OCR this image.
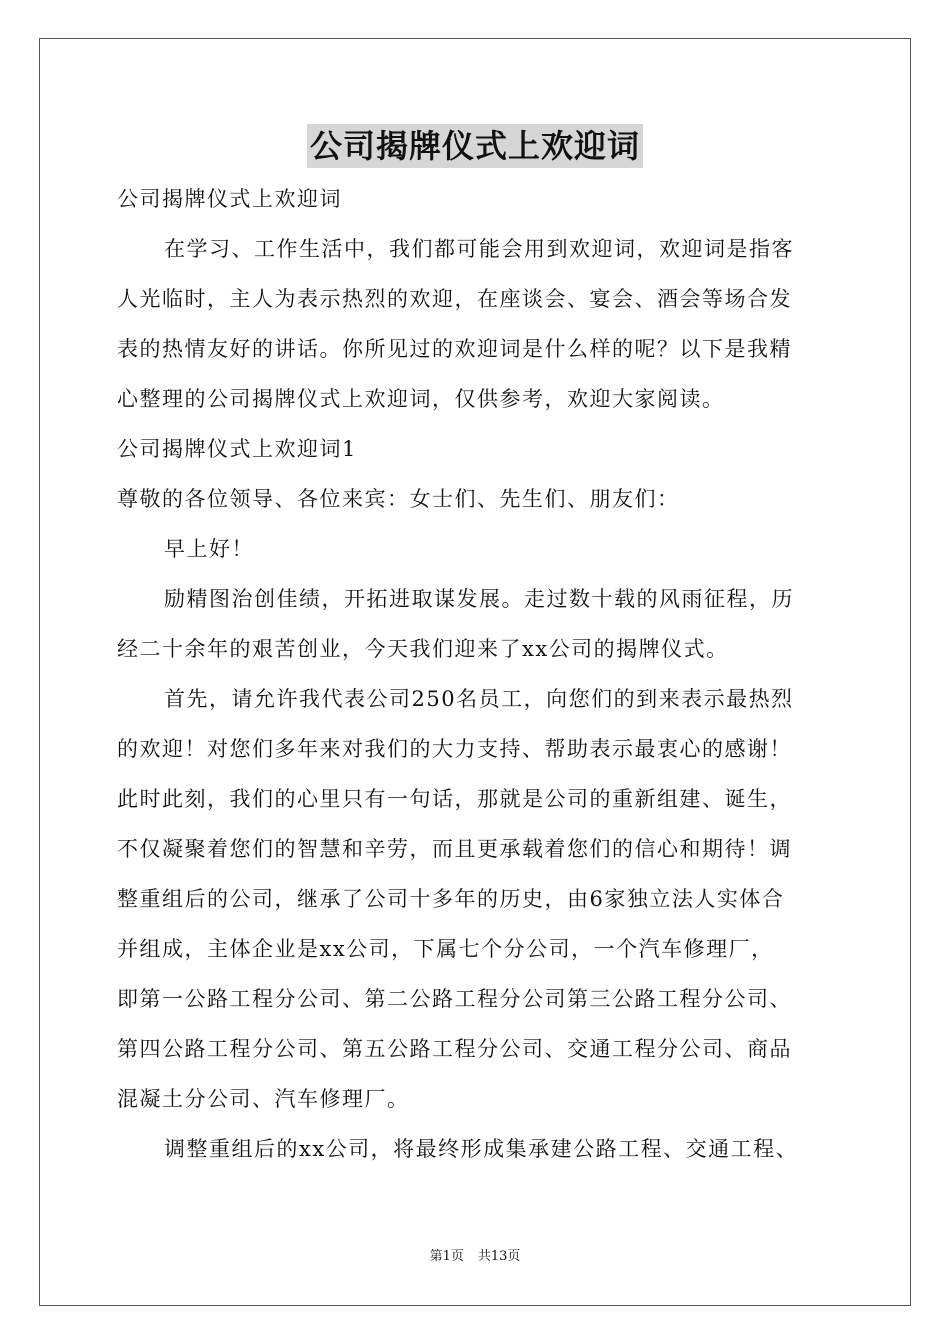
公司揭牌仪式上欢迎词
公司揭牌仪式上欢迎词
在学习、工作生活中，我们都可能会用到欢迎词，欢迎词是指客
人光临时，主人为表示热烈的欢迎，在座谈会、宴会、酒会等场合发
表的热情友好的讲话。你所见过的欢迎词是什么样的呢？以下是我精
心整理的公司揭牌仪式上欢迎词，仅供参考，欢迎大家阅读。
公司揭牌仪式上欢迎词1
尊敬的各位领导、各位来宾：女士们、先生们、朋友们：
早上好！
励精图治创佳绩，开拓进取谋发展。走过数十载的风雨征程，历
经二十余年的艰苦创业，今天我们迎来了xx公司的揭牌仪式。
首先，请允许我代表公司250名员工，向您们的到来表示最热烈
的欢迎！对您们多年来对我们的大力支持、帮助表示最衷心的感谢！
此时此刻，我们的心里只有一句话，那就是公司的重新组建、诞生，
不仅凝聚着您们的智慧和辛劳，而且更承载着您们的信心和期待！调
整重组后的公司，继承了公司十多年的历史，由6家独立法人实体合
并组成，主体企业是xx公司，下属七个分公司，一个汽车修理厂，
即第一公路工程分公司、第二公路工程分公司第三公路工程分公司、
第四公路工程分公司、第五公路工程分公司、交通工程分公司、商品
混凝土分公司、汽车修理厂。
调整重组后的xx公司，将最终形成集承建公路工程、交通工程、
第1页 共13页
